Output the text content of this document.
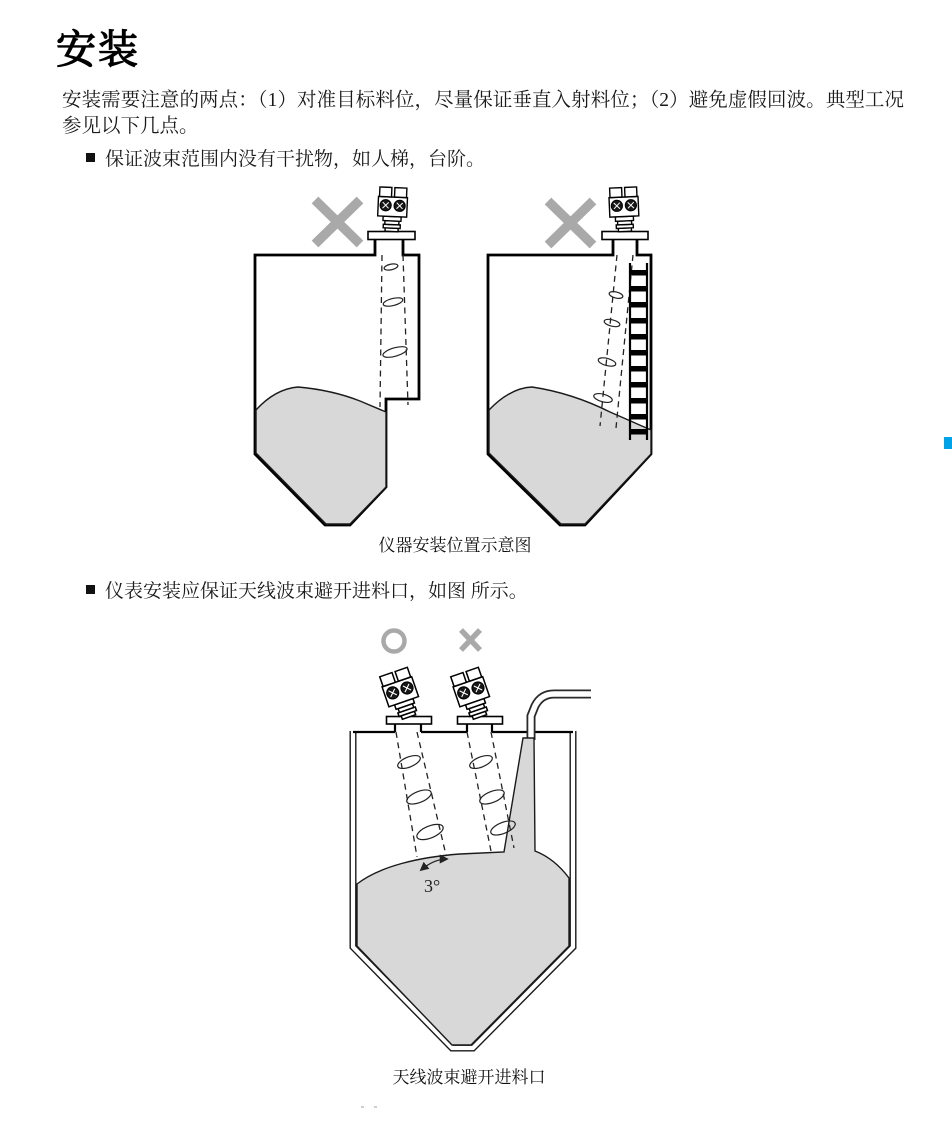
安装

安装需要注意的两点：（1）对准目标料位，尽量保证垂直入射料位；（2）避免虚假回波。典型工况参见以下几点。

保证波束范围内没有干扰物，如人梯，台阶。
仪器安装位置示意图
仪表安装应保证天线波束避开进料口，如图 所示。
3°
天线波束避开进料口
